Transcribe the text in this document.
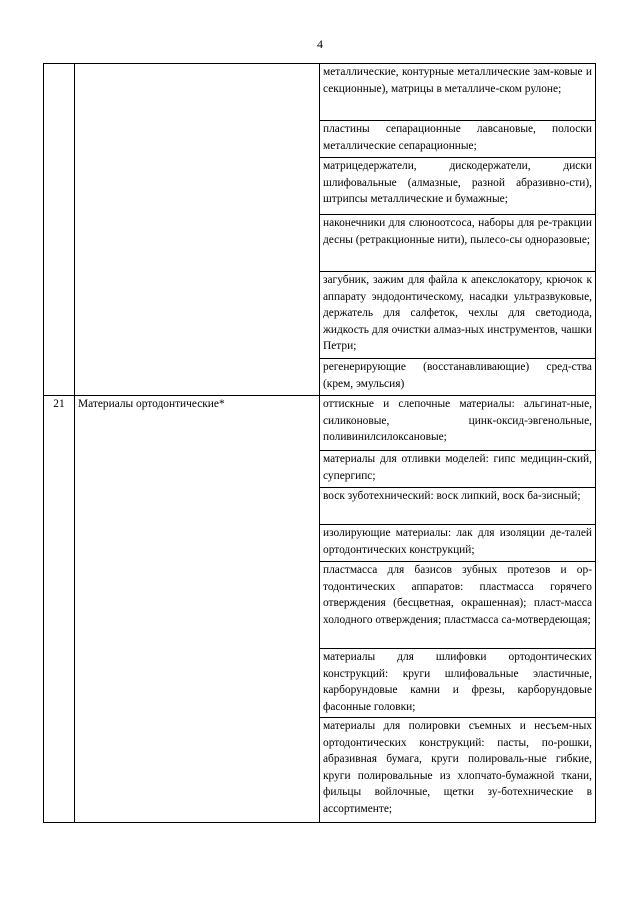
4
		металлические, контурные металлические зам-ковые и секционные), матрицы в металличе-ском рулоне;
		пластины сепарационные лавсановые, полоски металлические сепарационные;
		матрицедержатели, дискодержатели, диски шлифовальные (алмазные, разной абразивно-сти), штрипсы металлические и бумажные;
		наконечники для слюноотсоса, наборы для ре-тракции десны (ретракционные нити), пылесо-сы одноразовые;
		загубник, зажим для файла к апекслокатору, крючок к аппарату эндодонтическому, насадки ультразвуковые, держатель для салфеток, чехлы для светодиода, жидкость для очистки алмаз-ных инструментов, чашки Петри;
		регенерирующие (восстанавливающие) сред-ства (крем, эмульсия)
21	Материалы ортодонтические*	оттискные и слепочные материалы: альгинат-ные, силиконовые, цинк-оксид-эвгенольные, поливинилсилоксановые;
		материалы для отливки моделей: гипс медицин-ский, супергипс;
		воск зуботехнический: воск липкий, воск ба-зисный;
		изолирующие материалы: лак для изоляции де-талей ортодонтических конструкций;
		пластмасса для базисов зубных протезов и ор-тодонтических аппаратов: пластмасса горячего отверждения (бесцветная, окрашенная); пласт-масса холодного отверждения; пластмасса са-мотвердеющая;
		материалы для шлифовки ортодонтических конструкций: круги шлифовальные эластичные, карборундовые камни и фрезы, карборундовые фасонные головки;
		материалы для полировки съемных и несъем-ных ортодонтических конструкций: пасты, по-рошки, абразивная бумага, круги полироваль-ные гибкие, круги полировальные из хлопчато-бумажной ткани, фильцы войлочные, щетки зу-ботехнические в ассортименте;
